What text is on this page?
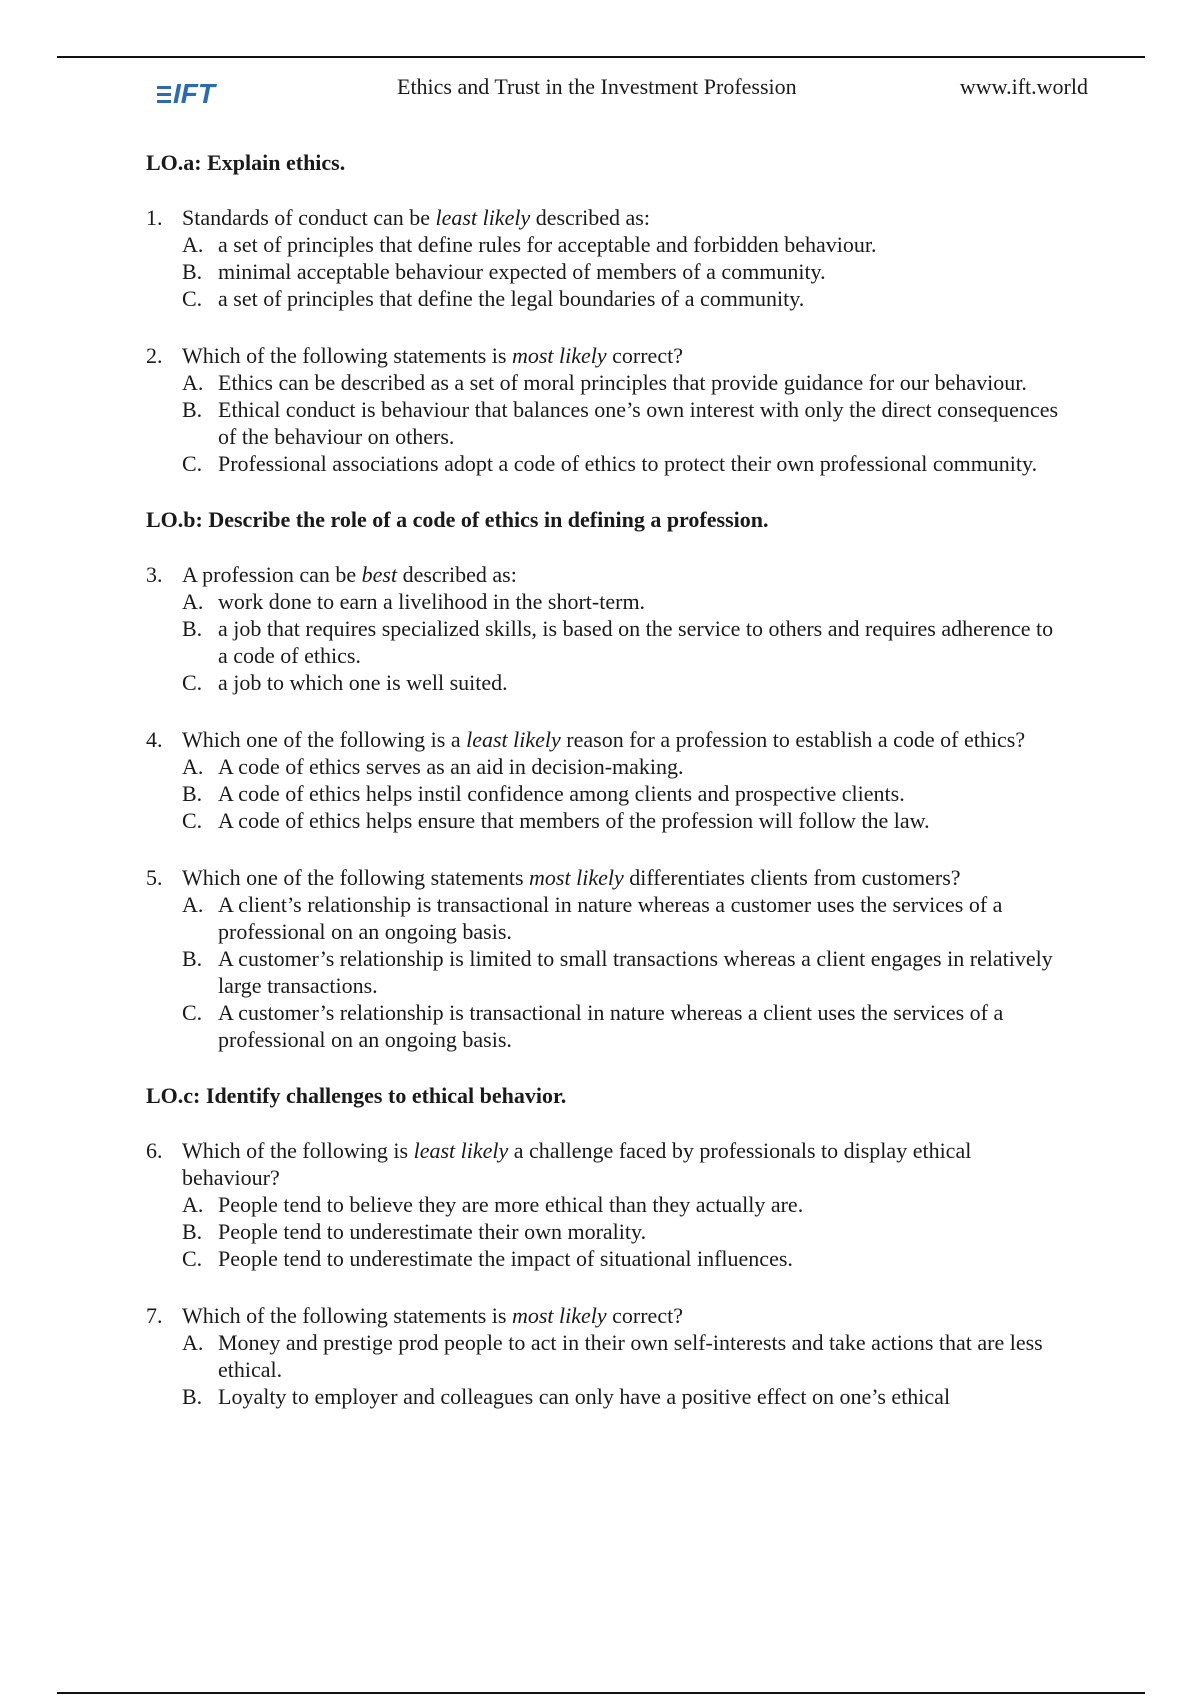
IFT	Ethics and Trust in the Investment Profession	www.ift.world
LO.a: Explain ethics.
1. Standards of conduct can be least likely described as:
A. a set of principles that define rules for acceptable and forbidden behaviour.
B. minimal acceptable behaviour expected of members of a community.
C. a set of principles that define the legal boundaries of a community.
2. Which of the following statements is most likely correct?
A. Ethics can be described as a set of moral principles that provide guidance for our behaviour.
B. Ethical conduct is behaviour that balances one’s own interest with only the direct consequences of the behaviour on others.
C. Professional associations adopt a code of ethics to protect their own professional community.
LO.b: Describe the role of a code of ethics in defining a profession.
3. A profession can be best described as:
A. work done to earn a livelihood in the short-term.
B. a job that requires specialized skills, is based on the service to others and requires adherence to a code of ethics.
C. a job to which one is well suited.
4. Which one of the following is a least likely reason for a profession to establish a code of ethics?
A. A code of ethics serves as an aid in decision-making.
B. A code of ethics helps instil confidence among clients and prospective clients.
C. A code of ethics helps ensure that members of the profession will follow the law.
5. Which one of the following statements most likely differentiates clients from customers?
A. A client’s relationship is transactional in nature whereas a customer uses the services of a professional on an ongoing basis.
B. A customer’s relationship is limited to small transactions whereas a client engages in relatively large transactions.
C. A customer’s relationship is transactional in nature whereas a client uses the services of a professional on an ongoing basis.
LO.c: Identify challenges to ethical behavior.
6. Which of the following is least likely a challenge faced by professionals to display ethical behaviour?
A. People tend to believe they are more ethical than they actually are.
B. People tend to underestimate their own morality.
C. People tend to underestimate the impact of situational influences.
7. Which of the following statements is most likely correct?
A. Money and prestige prod people to act in their own self-interests and take actions that are less ethical.
B. Loyalty to employer and colleagues can only have a positive effect on one’s ethical
